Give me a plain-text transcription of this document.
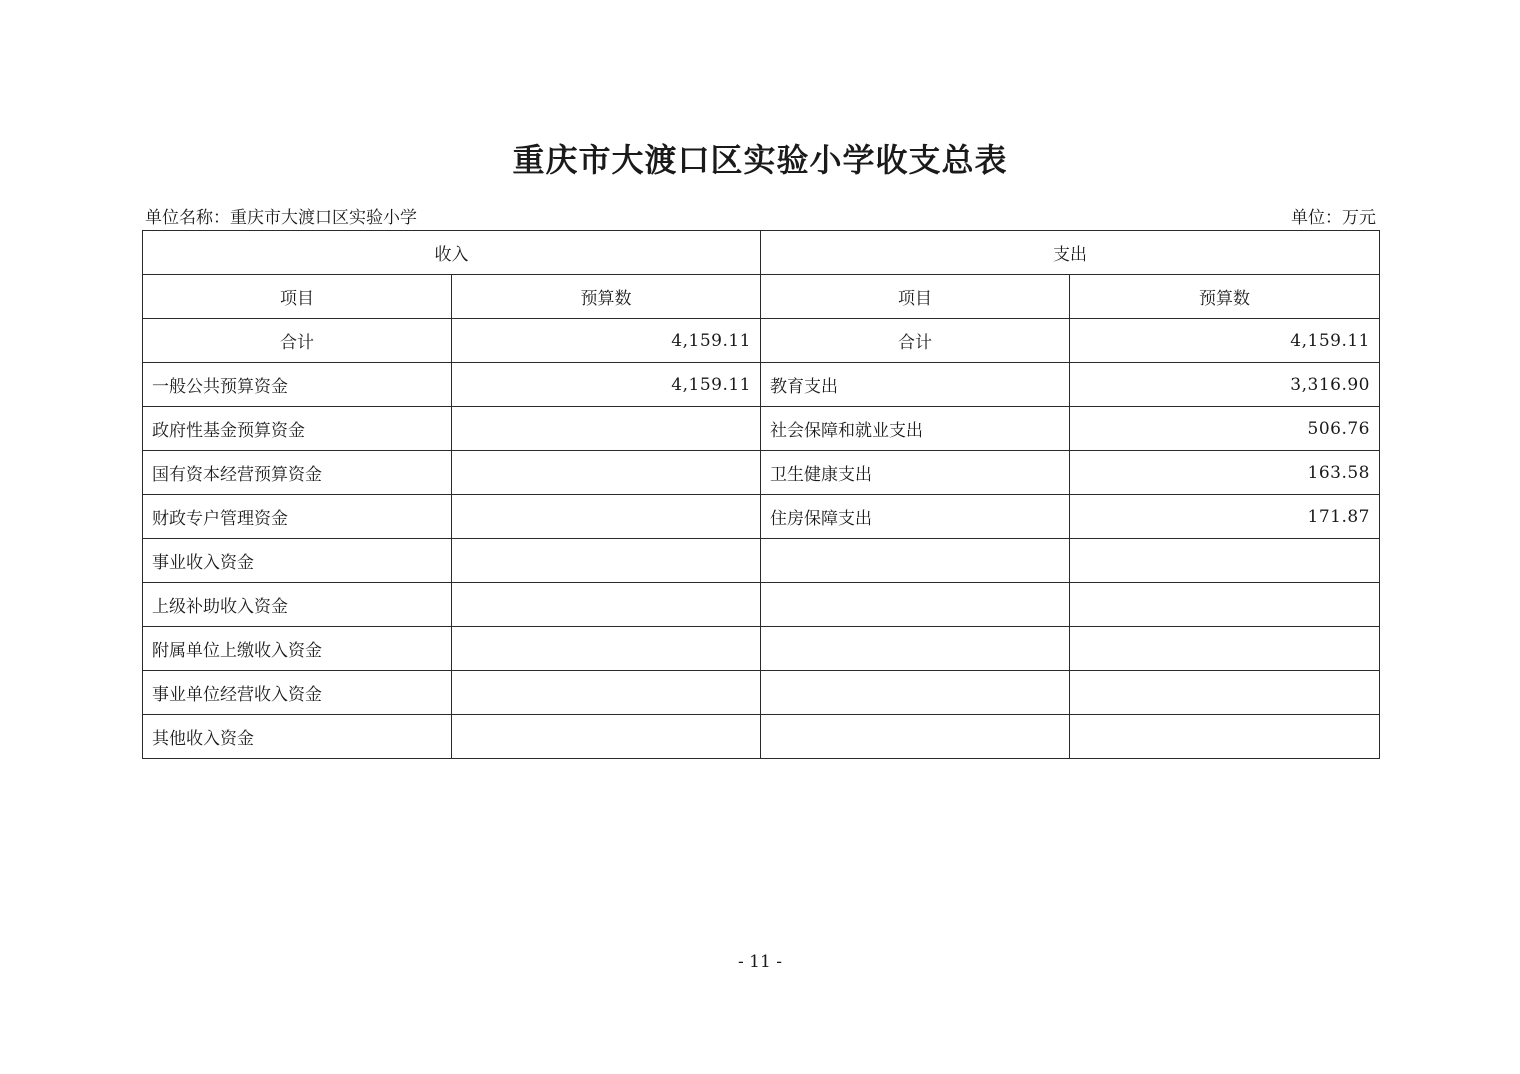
重庆市大渡口区实验小学收支总表
单位名称：重庆市大渡口区实验小学	单位：万元
收入		支出	
项目	预算数	项目	预算数
合计	4,159.11	合计	4,159.11
一般公共预算资金	4,159.11	教育支出	3,316.90
政府性基金预算资金		社会保障和就业支出	506.76
国有资本经营预算资金		卫生健康支出	163.58
财政专户管理资金		住房保障支出	171.87
事业收入资金			
上级补助收入资金			
附属单位上缴收入资金			
事业单位经营收入资金			
其他收入资金			
- 11 -
